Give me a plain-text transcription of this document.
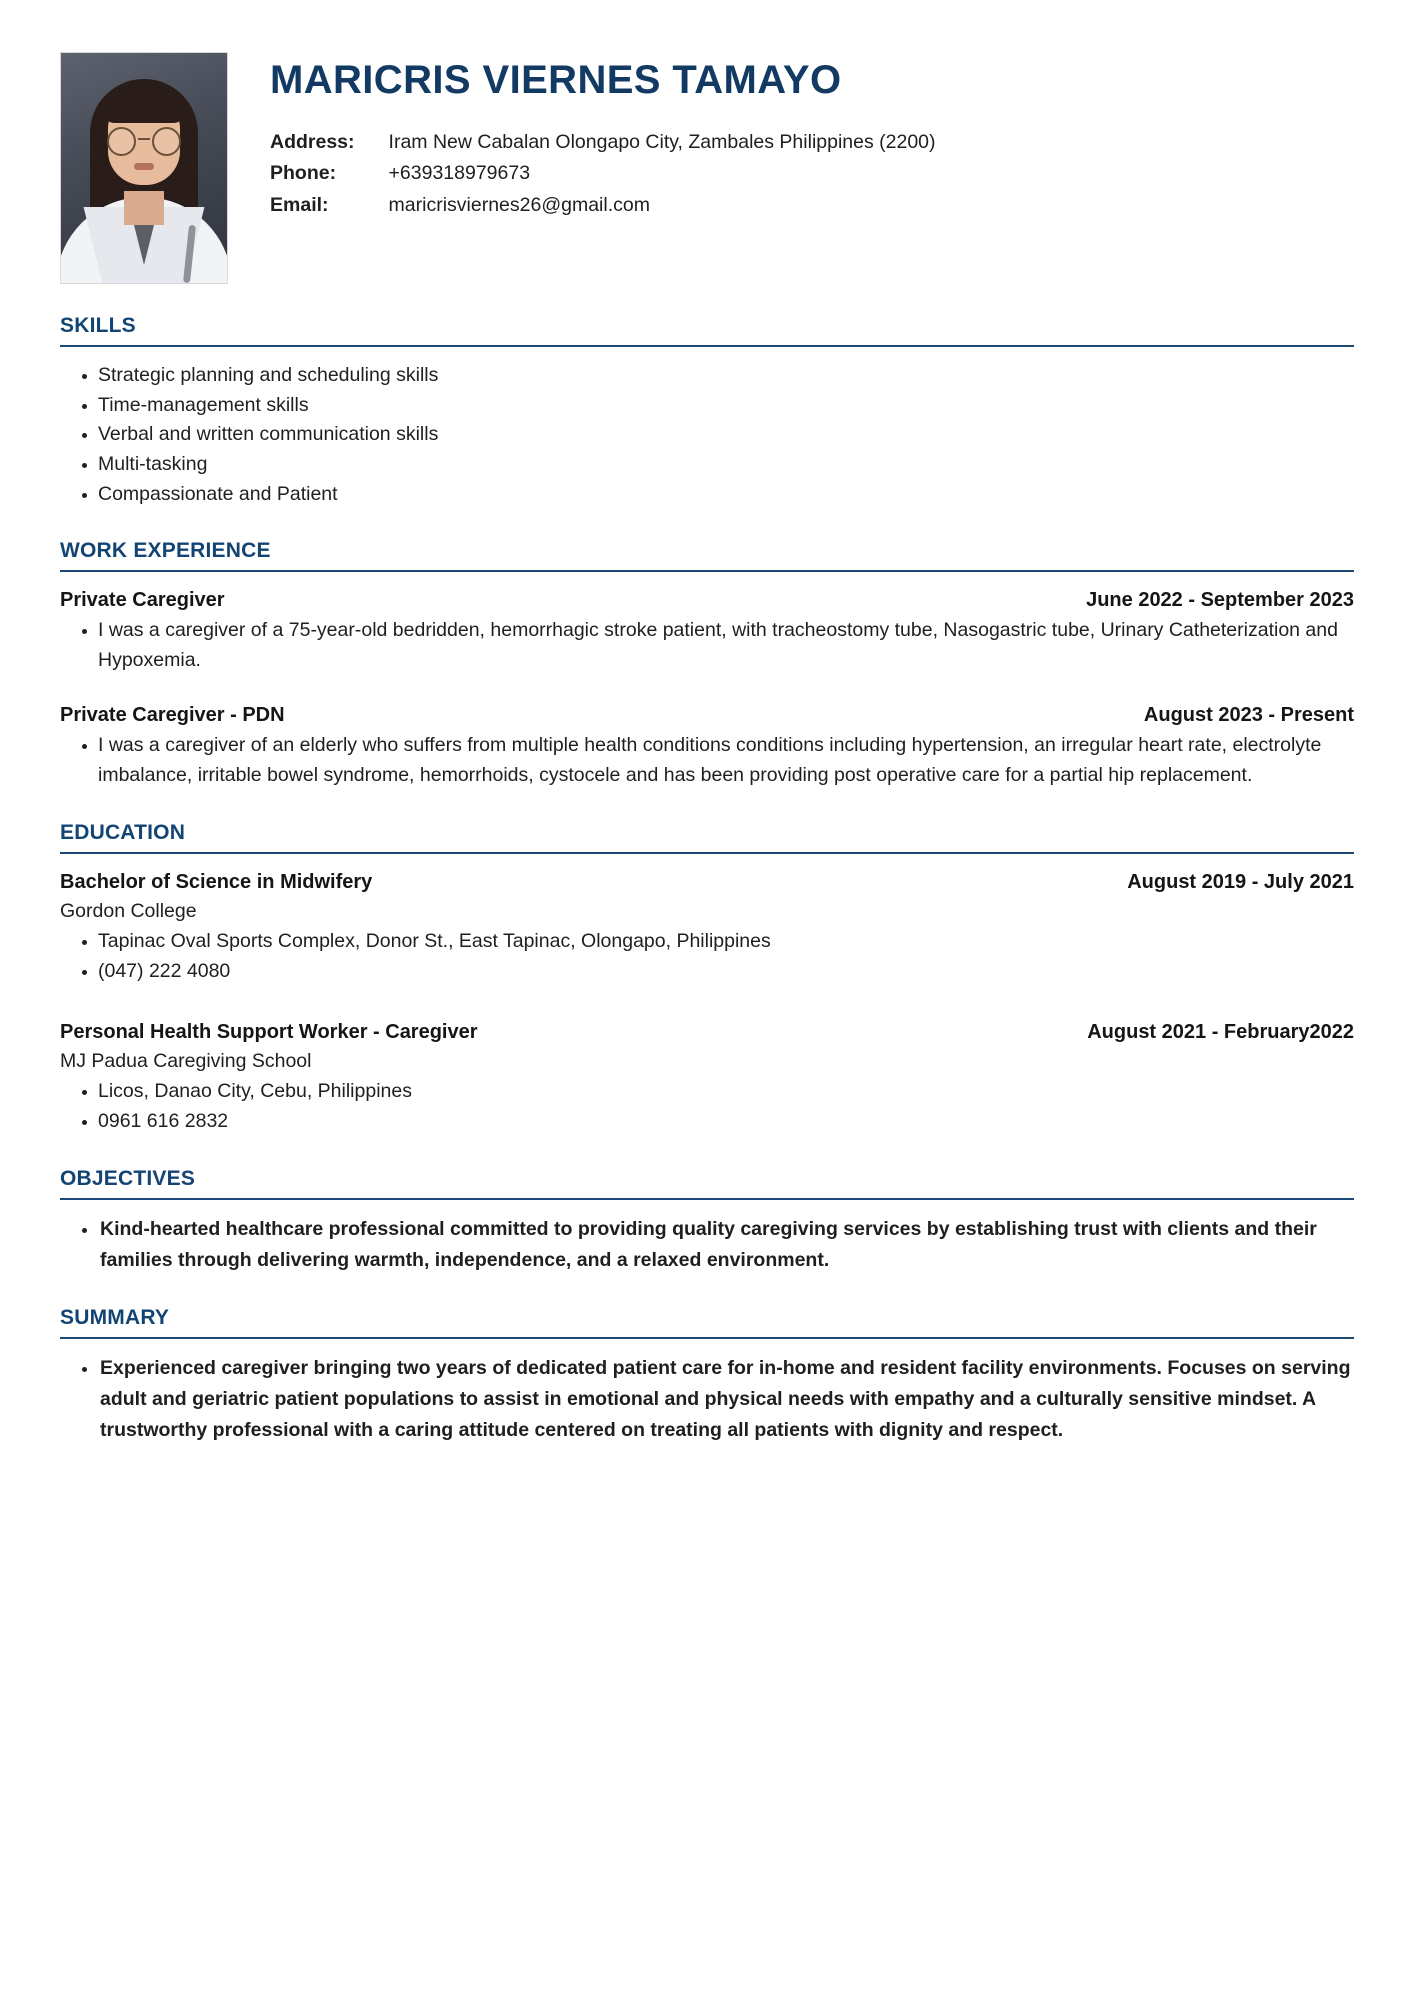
MARICRIS VIERNES TAMAYO
Address:	Iram New Cabalan Olongapo City, Zambales Philippines (2200)
Phone:	+639318979673
Email:	maricrisviernes26@gmail.com
SKILLS
Strategic planning and scheduling skills
Time-management skills
Verbal and written communication skills
Multi-tasking
Compassionate and Patient
WORK EXPERIENCE
Private Caregiver	June 2022 - September 2023
I was a caregiver of a 75-year-old bedridden, hemorrhagic stroke patient, with tracheostomy tube, Nasogastric tube, Urinary Catheterization and Hypoxemia.
Private Caregiver - PDN	August 2023 - Present
I was a caregiver of an elderly who suffers from multiple health conditions conditions including hypertension, an irregular heart rate, electrolyte imbalance, irritable bowel syndrome, hemorrhoids, cystocele and has been providing post operative care for a partial hip replacement.
EDUCATION
Bachelor of Science in Midwifery	August 2019 - July 2021
Gordon College
Tapinac Oval Sports Complex, Donor St., East Tapinac, Olongapo, Philippines
(047) 222 4080
Personal Health Support Worker - Caregiver	August 2021 - February2022
MJ Padua Caregiving School
Licos, Danao City, Cebu, Philippines
0961 616 2832
OBJECTIVES
Kind-hearted healthcare professional committed to providing quality caregiving services by establishing trust with clients and their families through delivering warmth, independence, and a relaxed environment.
SUMMARY
Experienced caregiver bringing two years of dedicated patient care for in-home and resident facility environments. Focuses on serving adult and geriatric patient populations to assist in emotional and physical needs with empathy and a culturally sensitive mindset. A trustworthy professional with a caring attitude centered on treating all patients with dignity and respect.
